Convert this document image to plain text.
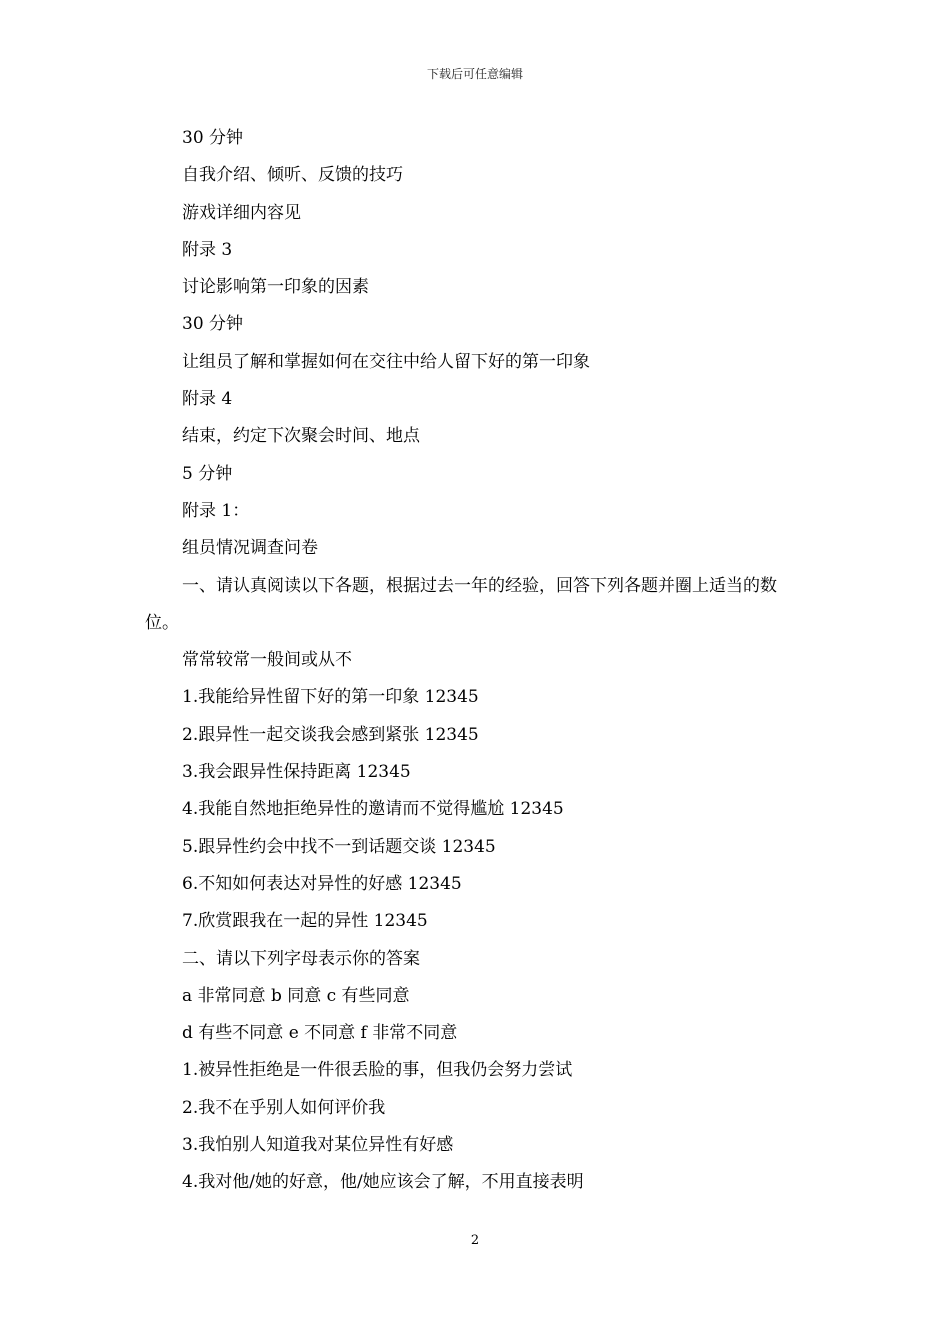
下载后可任意编辑
30 分钟
自我介绍、倾听、反馈的技巧
游戏详细内容见
附录 3
讨论影响第一印象的因素
30 分钟
让组员了解和掌握如何在交往中给人留下好的第一印象
附录 4
结束，约定下次聚会时间、地点
5 分钟
附录 1：
组员情况调查问卷
一、请认真阅读以下各题，根据过去一年的经验，回答下列各题并圈上适当的数位。
常常较常一般间或从不
1.我能给异性留下好的第一印象 12345
2.跟异性一起交谈我会感到紧张 12345
3.我会跟异性保持距离 12345
4.我能自然地拒绝异性的邀请而不觉得尴尬 12345
5.跟异性约会中找不一到话题交谈 12345
6.不知如何表达对异性的好感 12345
7.欣赏跟我在一起的异性 12345
二、请以下列字母表示你的答案
a 非常同意 b 同意 c 有些同意
d 有些不同意 e 不同意 f 非常不同意
1.被异性拒绝是一件很丢脸的事，但我仍会努力尝试
2.我不在乎别人如何评价我
3.我怕别人知道我对某位异性有好感
4.我对他/她的好意，他/她应该会了解，不用直接表明
2
